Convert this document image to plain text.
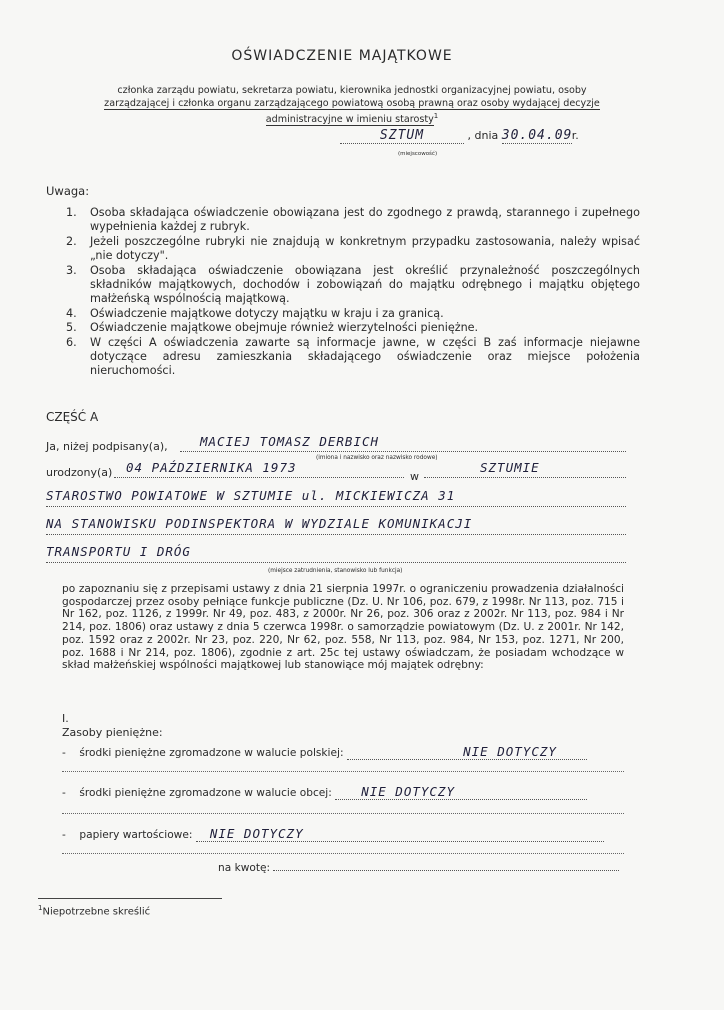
OŚWIADCZENIE MAJĄTKOWE
członka zarządu powiatu, sekretarza powiatu, kierownika jednostki organizacyjnej powiatu, osoby
zarządzającej i członka organu zarządzającego powiatową osobą prawną oraz osoby wydającej decyzje
administracyjne w imieniu starosty$^1$
SZTUM	, dnia 30.04.09r.
(miejscowość)
Uwaga:
1. Osoba składająca oświadczenie obowiązana jest do zgodnego z prawdą, starannego i zupełnego wypełnienia każdej z rubryk.
2. Jeżeli poszczególne rubryki nie znajdują w konkretnym przypadku zastosowania, należy wpisać „nie dotyczy".
3. Osoba składająca oświadczenie obowiązana jest określić przynależność poszczególnych składników majątkowych, dochodów i zobowiązań do majątku odrębnego i majątku objętego małżeńską wspólnością majątkową.
4. Oświadczenie majątkowe dotyczy majątku w kraju i za granicą.
5. Oświadczenie majątkowe obejmuje również wierzytelności pieniężne.
6. W części A oświadczenia zawarte są informacje jawne, w części B zaś informacje niejawne dotyczące adresu zamieszkania składającego oświadczenie oraz miejsce położenia nieruchomości.
CZĘŚĆ A
Ja, niżej podpisany(a),	MACIEJ TOMASZ DERBICH
(imiona i nazwisko oraz nazwisko rodowe)
urodzony(a)	04 PAŹDZIERNIKA 1973
w
SZTUMIE
STAROSTWO POWIATOWE W SZTUMIE ul. MICKIEWICZA 31
NA STANOWISKU PODINSPEKTORA W WYDZIALE KOMUNIKACJI
TRANSPORTU I DRÓG
(miejsce zatrudnienia, stanowisko lub funkcja)
po zapoznaniu się z przepisami ustawy z dnia 21 sierpnia 1997r. o ograniczeniu prowadzenia działalności gospodarczej przez osoby pełniące funkcje publiczne (Dz. U. Nr 106, poz. 679, z 1998r. Nr 113, poz. 715 i Nr 162, poz. 1126, z 1999r. Nr 49, poz. 483, z 2000r. Nr 26, poz. 306 oraz z 2002r. Nr 113, poz. 984 i Nr 214, poz. 1806) oraz ustawy z dnia 5 czerwca 1998r. o samorządzie powiatowym (Dz. U. z 2001r. Nr 142, poz. 1592 oraz z 2002r. Nr 23, poz. 220, Nr 62, poz. 558, Nr 113, poz. 984, Nr 153, poz. 1271, Nr 200, poz. 1688 i Nr 214, poz. 1806), zgodnie z art. 25c tej ustawy oświadczam, że posiadam wchodzące w skład małżeńskiej wspólności majątkowej lub stanowiące mój majątek odrębny:
I.
Zasoby pieniężne:
- środki pieniężne zgromadzone w walucie polskiej:	NIE DOTYCZY
- środki pieniężne zgromadzone w walucie obcej: NIE DOTYCZY
- papiery wartościowe: NIE DOTYCZY
na kwotę:
$^1$Niepotrzebne skreślić
